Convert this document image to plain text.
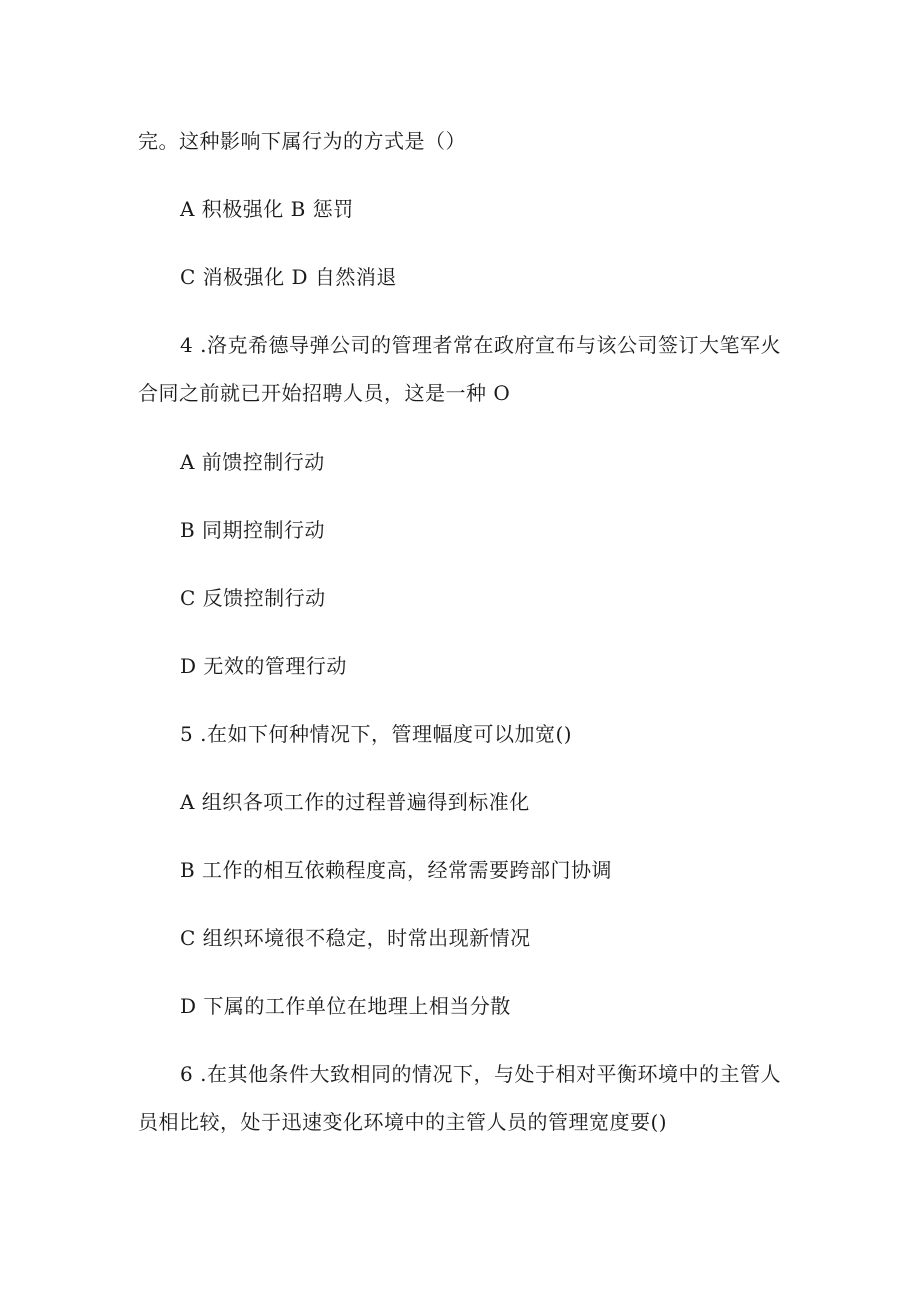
完。这种影响下属行为的方式是（）
A 积极强化 B 惩罚
C 消极强化 D 自然消退
4 .洛克希德导弹公司的管理者常在政府宣布与该公司签订大笔军火
合同之前就已开始招聘人员，这是一种 O
A 前馈控制行动
B 同期控制行动
C 反馈控制行动
D 无效的管理行动
5 .在如下何种情况下，管理幅度可以加宽()
A 组织各项工作的过程普遍得到标准化
B 工作的相互依赖程度高，经常需要跨部门协调
C 组织环境很不稳定，时常出现新情况
D 下属的工作单位在地理上相当分散
6 .在其他条件大致相同的情况下，与处于相对平衡环境中的主管人
员相比较，处于迅速变化环境中的主管人员的管理宽度要()
